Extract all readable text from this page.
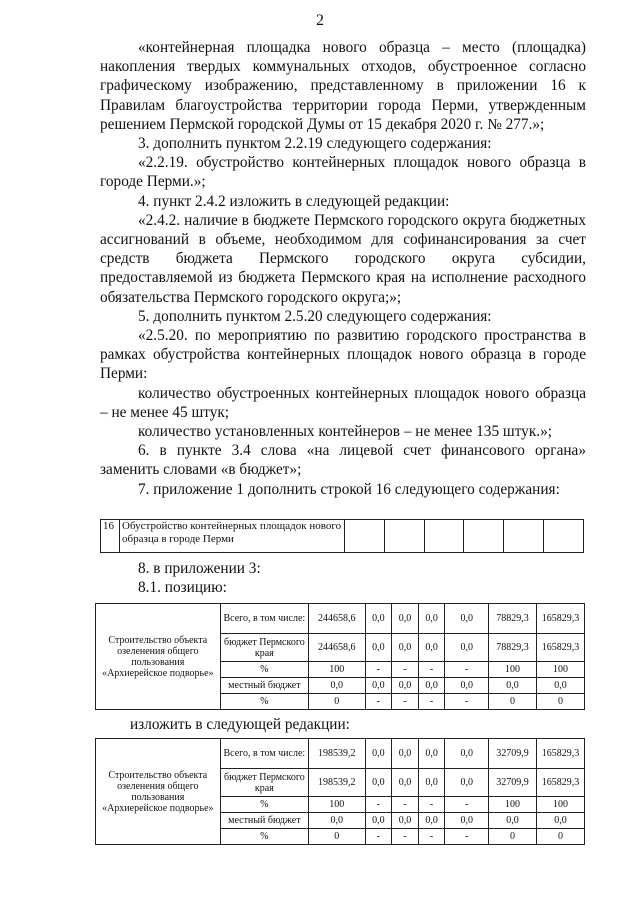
2

«контейнерная площадка нового образца – место (площадка) накопления твердых коммунальных отходов, обустроенное согласно графическому изображению, представленному в приложении 16 к Правилам благоустройства территории города Перми, утвержденным решением Пермской городской Думы от 15 декабря 2020 г. № 277.»;

3. дополнить пунктом 2.2.19 следующего содержания:

«2.2.19. обустройство контейнерных площадок нового образца в городе Перми.»;

4. пункт 2.4.2 изложить в следующей редакции:

«2.4.2. наличие в бюджете Пермского городского округа бюджетных ассигнований в объеме, необходимом для софинансирования за счет средств бюджета Пермского городского округа субсидии, предоставляемой из бюджета Пермского края на исполнение расходного обязательства Пермского городского округа;»;

5. дополнить пунктом 2.5.20 следующего содержания:

«2.5.20. по мероприятию по развитию городского пространства в рамках обустройства контейнерных площадок нового образца в городе Перми:

количество обустроенных контейнерных площадок нового образца – не менее 45 штук;

количество установленных контейнеров – не менее 135 штук.»;

6. в пункте 3.4 слова «на лицевой счет финансового органа» заменить словами «в бюджет»;

7. приложение 1 дополнить строкой 16 следующего содержания:

16	Обустройство контейнерных площадок нового образца в городе Перми						
8. в приложении 3:
8.1. позицию:
Строительство объекта озеленения общего пользования «Архиерейское подворье»	Всего, в том числе:	244658,6	0,0	0,0	0,0	0,0	78829,3	165829,3
	бюджет Пермского края	244658,6	0,0	0,0	0,0	0,0	78829,3	165829,3
	%	100	-	-	-	-	100	100
	местный бюджет	0,0	0,0	0,0	0,0	0,0	0,0	0,0
	%	0	-	-	-	-	0	0
изложить в следующей редакции:
Строительство объекта озеленения общего пользования «Архиерейское подворье»	Всего, в том числе:	198539,2	0,0	0,0	0,0	0,0	32709,9	165829,3
	бюджет Пермского края	198539,2	0,0	0,0	0,0	0,0	32709,9	165829,3
	%	100	-	-	-	-	100	100
	местный бюджет	0,0	0,0	0,0	0,0	0,0	0,0	0,0
	%	0	-	-	-	-	0	0
